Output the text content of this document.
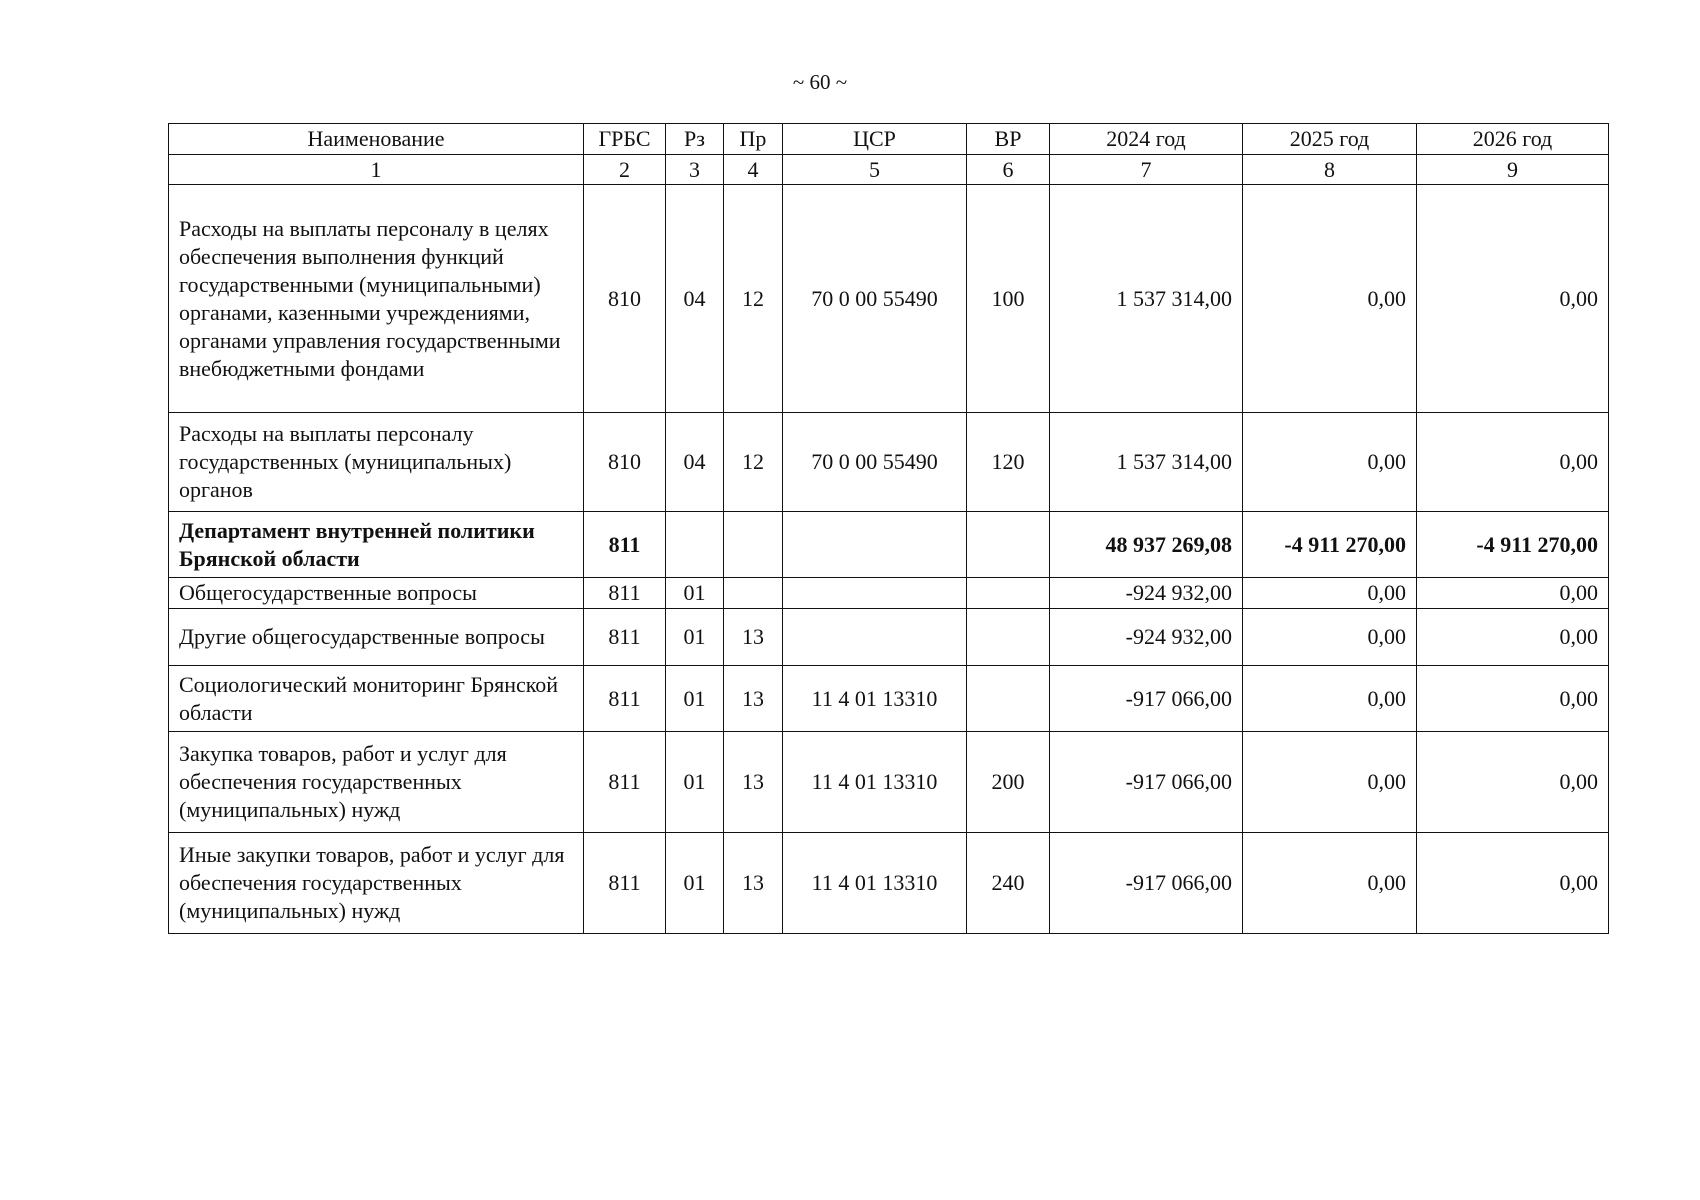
~ 60 ~
Наименование	ГРБС	Рз	Пр	ЦСР	ВР	2024 год	2025 год	2026 год
1	2	3	4	5	6	7	8	9
Расходы на выплаты персоналу в целях обеспечения выполнения функций государственными (муниципальными) органами, казенными учреждениями, органами управления государственными внебюджетными фондами	810	04	12	70 0 00 55490	100	1 537 314,00	0,00	0,00
Расходы на выплаты персоналу государственных (муниципальных) органов	810	04	12	70 0 00 55490	120	1 537 314,00	0,00	0,00
Департамент внутренней политики Брянской области	811					48 937 269,08	-4 911 270,00	-4 911 270,00
Общегосударственные вопросы	811	01				-924 932,00	0,00	0,00
Другие общегосударственные вопросы	811	01	13			-924 932,00	0,00	0,00
Социологический мониторинг Брянской области	811	01	13	11 4 01 13310		-917 066,00	0,00	0,00
Закупка товаров, работ и услуг для обеспечения государственных (муниципальных) нужд	811	01	13	11 4 01 13310	200	-917 066,00	0,00	0,00
Иные закупки товаров, работ и услуг для обеспечения государственных (муниципальных) нужд	811	01	13	11 4 01 13310	240	-917 066,00	0,00	0,00
